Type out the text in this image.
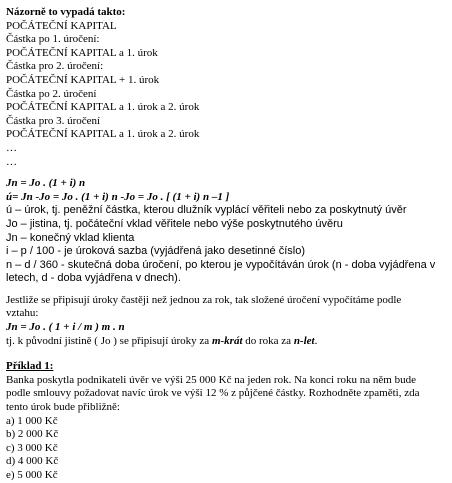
Názorně to vypadá takto:

POČÁTEČNÍ KAPITAL

Částka po 1. úročení:

POČÁTEČNÍ KAPITAL a 1. úrok

Částka pro 2. úročení:

POČÁTEČNÍ KAPITAL + 1. úrok

Částka po 2. úročení

POČÁTEČNÍ KAPITAL a 1. úrok a 2. úrok

Částka pro 3. úročení

POČÁTEČNÍ KAPITAL a 1. úrok a 2. úrok

…

…

Jn = Jo . (1 + i) n

ú= Jn -Jo = Jo . (1 + i) n -Jo = Jo . [ (1 + i) n –1 ]

ú – úrok, tj. peněžní částka, kterou dlužník vyplácí věřiteli nebo za poskytnutý úvěr

Jo – jistina, tj. počáteční vklad věřitele nebo výše poskytnutého úvěru

Jn – konečný vklad klienta

i – p / 100 - je úroková sazba (vyjádřená jako desetinné číslo)

n – d / 360 - skutečná doba úročení, po kterou je vypočítáván úrok (n - doba vyjádřena v

letech, d - doba vyjádřena v dnech).

Jestliže se připisují úroky častěji než jednou za rok, tak složené úročení vypočítáme podle

vztahu:

Jn = Jo . ( 1 + i / m ) m . n

tj. k původní jistině ( Jo ) se připisují úroky za m-krát do roka za n-let.

Příklad 1:

Banka poskytla podnikateli úvěr ve výši 25 000 Kč na jeden rok. Na konci roku na něm bude

podle smlouvy požadovat navíc úrok ve výši 12 % z půjčené částky. Rozhodněte zpaměti, zda

tento úrok bude přibližně:

a) 1 000 Kč

b) 2 000 Kč

c) 3 000 Kč

d) 4 000 Kč

e) 5 000 Kč
